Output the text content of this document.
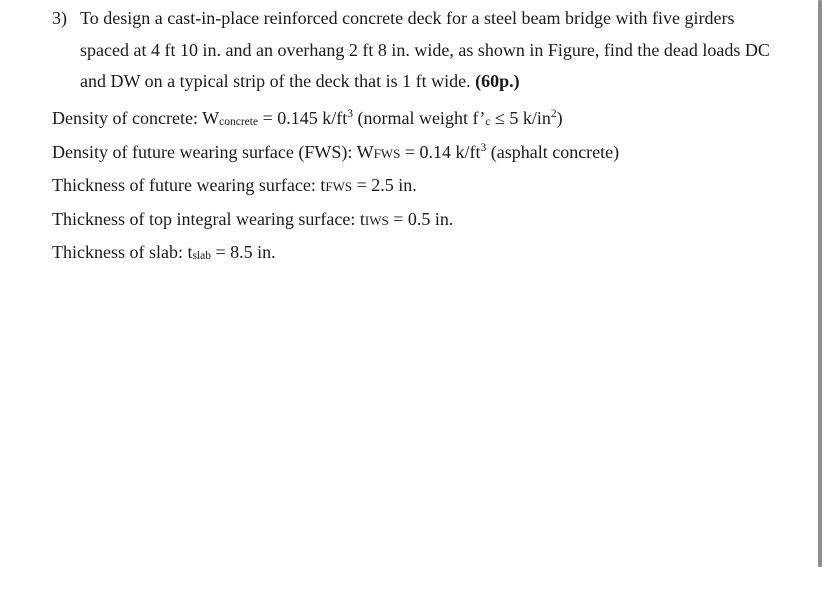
3) To design a cast-in-place reinforced concrete deck for a steel beam bridge with five girders spaced at 4 ft 10 in. and an overhang 2 ft 8 in. wide, as shown in Figure, find the dead loads DC and DW on a typical strip of the deck that is 1 ft wide. (60p.)
Density of concrete: $W_{concrete} = 0.145$ $k/ft^3$ (normal weight $f’_c \le 5$ $k/in^2$)
Density of future wearing surface (FWS): WFWS = 0.14 $k/ft^3$ (asphalt concrete)
Thickness of future wearing surface: tFWS = 2.5 in.
Thickness of top integral wearing surface: tIWS = 0.5 in.
Thickness of slab: $t_{slab} = 8.5$ in.
